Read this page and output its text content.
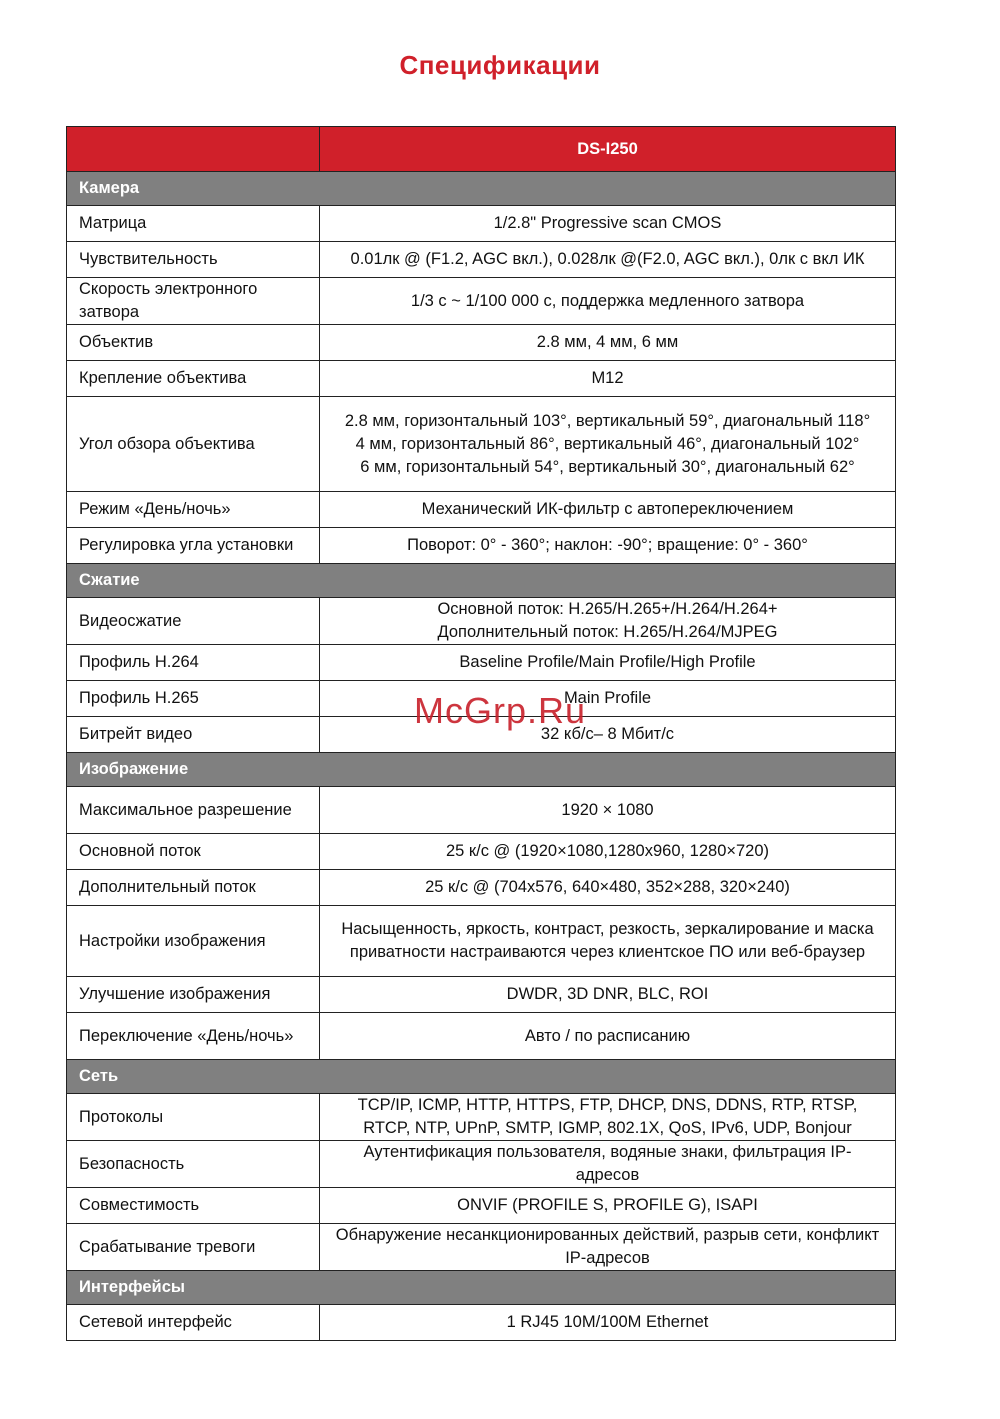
Спецификации
	DS-I250
Камера	
Матрица	1/2.8" Progressive scan CMOS

Чувствительность	0.01лк @ (F1.2, AGC вкл.), 0.028лк @(F2.0, AGC вкл.), 0лк с вкл ИК

Скорость электронного затвора	1/3 с ~ 1/100 000 с, поддержка медленного затвора

Объектив	2.8 мм, 4 мм, 6 мм

Крепление объектива	M12

Угол обзора объектива	2.8 мм, горизонтальный 103°, вертикальный 59°, диагональный 118°
4 мм, горизонтальный 86°, вертикальный 46°, диагональный 102°
6 мм, горизонтальный 54°, вертикальный 30°, диагональный 62°

Режим «День/ночь»	Механический ИК-фильтр с автопереключением

Регулировка угла установки	Поворот: 0° - 360°; наклон: -90°; вращение: 0° - 360°

Сжатие	
Видеосжатие	Основной поток: H.265/H.265+/H.264/H.264+
Дополнительный поток: H.265/H.264/MJPEG

Профиль H.264	Baseline Profile/Main Profile/High Profile

Профиль H.265	Main Profile

Битрейт видео	32 кб/с– 8 Мбит/с

Изображение	
Максимальное разрешение	1920 × 1080

Основной поток	25 к/с @ (1920×1080,1280x960, 1280×720)

Дополнительный поток	25 к/с @ (704x576, 640×480, 352×288, 320×240)

Настройки изображения	Насыщенность, яркость, контраст, резкость, зеркалирование и маска приватности настраиваются через клиентское ПО или веб-браузер

Улучшение изображения	DWDR, 3D DNR, BLC, ROI

Переключение «День/ночь»	Авто / по расписанию

Сеть	
Протоколы	TCP/IP, ICMP, HTTP, HTTPS, FTP, DHCP, DNS, DDNS, RTP, RTSP, RTCP, NTP, UPnP, SMTP, IGMP, 802.1X, QoS, IPv6, UDP, Bonjour

Безопасность	Аутентификация пользователя, водяные знаки, фильтрация IP-адресов

Совместимость	ONVIF (PROFILE S, PROFILE G), ISAPI

Срабатывание тревоги	Обнаружение несанкционированных действий, разрыв сети, конфликт IP-адресов

Интерфейсы	
Сетевой интерфейс	1 RJ45 10M/100M Ethernet
McGrp.Ru
